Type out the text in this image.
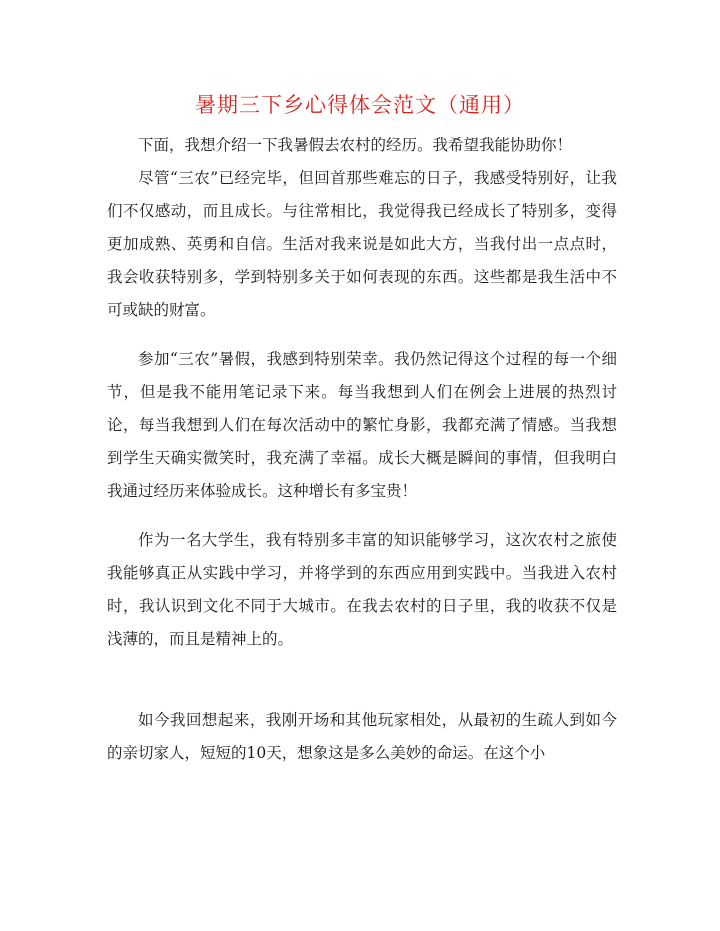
暑期三下乡心得体会范文（通用）

下面，我想介绍一下我暑假去农村的经历。我希望我能协助你！

尽管“三农”已经完毕，但回首那些难忘的日子，我感受特别好，让我们不仅感动，而且成长。与往常相比，我觉得我已经成长了特别多，变得更加成熟、英勇和自信。生活对我来说是如此大方，当我付出一点点时，我会收获特别多，学到特别多关于如何表现的东西。这些都是我生活中不可或缺的财富。

参加“三农”暑假，我感到特别荣幸。我仍然记得这个过程的每一个细节，但是我不能用笔记录下来。每当我想到人们在例会上进展的热烈讨论，每当我想到人们在每次活动中的繁忙身影，我都充满了情感。当我想到学生天确实微笑时，我充满了幸福。成长大概是瞬间的事情，但我明白我通过经历来体验成长。这种增长有多宝贵！

作为一名大学生，我有特别多丰富的知识能够学习，这次农村之旅使我能够真正从实践中学习，并将学到的东西应用到实践中。当我进入农村时，我认识到文化不同于大城市。在我去农村的日子里，我的收获不仅是浅薄的，而且是精神上的。

如今我回想起来，我刚开场和其他玩家相处，从最初的生疏人到如今的亲切家人，短短的10天，想象这是多么美妙的命运。在这个小
